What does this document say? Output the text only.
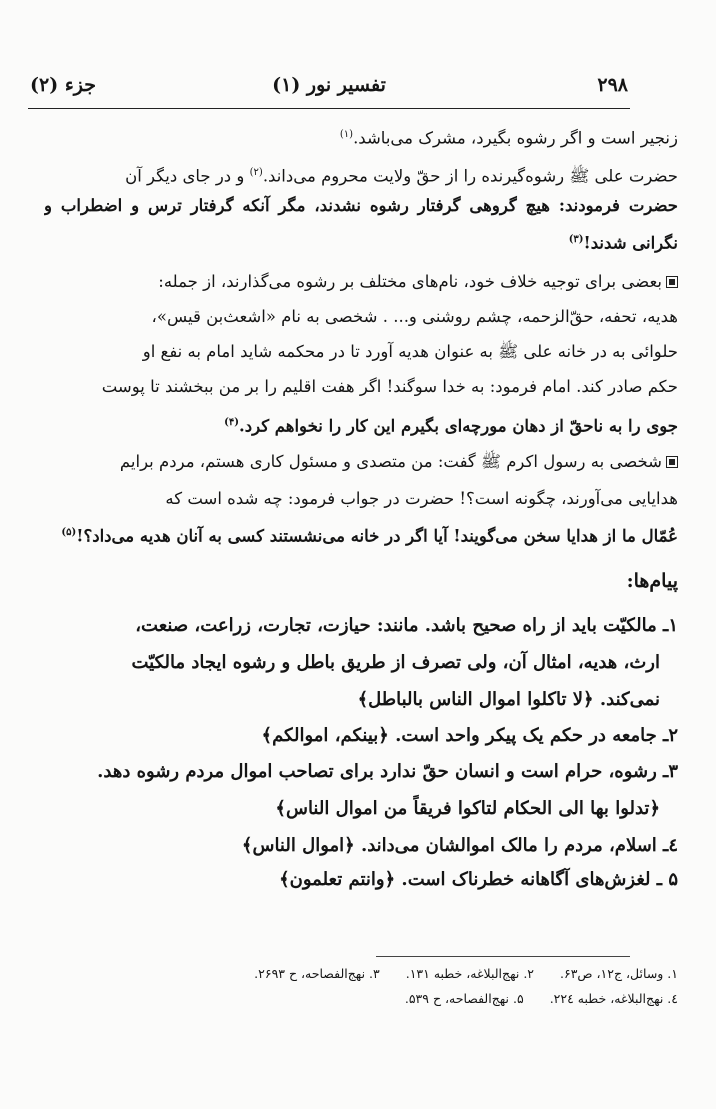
۲۹۸
تفسیر نور (۱)
جزء (۲)
زنجیر است و اگر رشوه بگیرد، مشرک می‌باشد.$^{(۱)}$
حضرت علی ﷺ رشوه‌گیرنده را از حقّ ولایت محروم می‌داند.$^{(۲)}$ و در جای دیگر آن
حضرت فرمودند: هیچ گروهی گرفتار رشوه نشدند، مگر آنکه گرفتار ترس و اضطراب و
نگرانی شدند!$^{(۳)}$
بعضی برای توجیه خلاف خود، نام‌های مختلف بر رشوه می‌گذارند، از جمله:
هدیه، تحفه، حقّ‌الزحمه، چشم روشنی و... . شخصی به نام «اشعث‌بن قیس»،
حلوائی به در خانه علی ﷺ به عنوان هدیه آورد تا در محکمه شاید امام به نفع او
حکم صادر کند. امام فرمود: به خدا سوگند! اگر هفت اقلیم را بر من ببخشند تا پوست
جوی را به ناحقّ از دهان مورچه‌ای بگیرم این کار را نخواهم کرد.$^{(۴)}$
شخصی به رسول اکرم ﷺ گفت: من متصدی و مسئول کاری هستم، مردم برایم
هدایایی می‌آورند، چگونه است؟! حضرت در جواب فرمود: چه شده است که
عُمّال ما از هدایا سخن می‌گویند! آیا اگر در خانه می‌نشستند کسی به آنان هدیه می‌داد؟!$^{(۵)}$
پیام‌ها:
۱ـ مالکیّت باید از راه صحیح باشد. مانند: حیازت، تجارت، زراعت، صنعت،
ارث، هدیه، امثال آن، ولی تصرف از طریق باطل و رشوه ایجاد مالکیّت
نمی‌کند. ﴿لا تاکلوا اموال الناس بالباطل﴾
۲ـ جامعه در حکم یک پیکر واحد است. ﴿بینکم، اموالکم﴾
۳ـ رشوه، حرام است و انسان حقّ ندارد برای تصاحب اموال مردم رشوه دهد.
﴿تدلوا بها الی الحکام لتاکوا فریقاً من اموال الناس﴾
٤ـ اسلام، مردم را مالک اموالشان می‌داند. ﴿اموال الناس﴾
۵ ـ لغزش‌های آگاهانه خطرناک است. ﴿وانتم تعلمون﴾
۱. وسائل، ج۱۲، ص۶۳. ۲. نهج‌البلاغه، خطبه ۱۳۱. ۳. نهج‌الفصاحه، ح ۲۶۹۳.
٤. نهج‌البلاغه، خطبه ۲۲٤. ۵. نهج‌الفصاحه، ح ۵۳۹.
